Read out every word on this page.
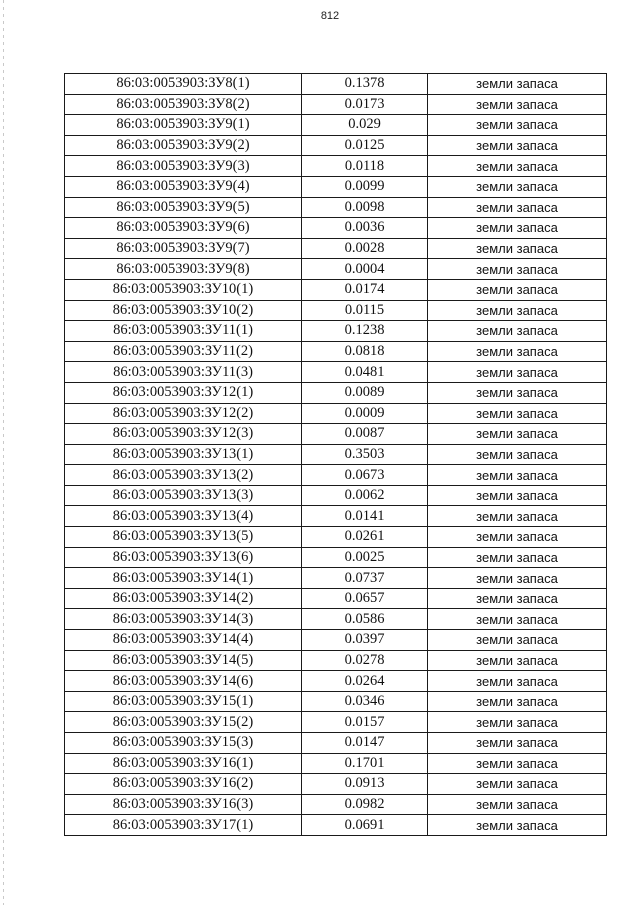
812
86:03:0053903:ЗУ8(1)	0.1378	земли запаса
86:03:0053903:ЗУ8(2)	0.0173	земли запаса
86:03:0053903:ЗУ9(1)	0.029	земли запаса
86:03:0053903:ЗУ9(2)	0.0125	земли запаса
86:03:0053903:ЗУ9(3)	0.0118	земли запаса
86:03:0053903:ЗУ9(4)	0.0099	земли запаса
86:03:0053903:ЗУ9(5)	0.0098	земли запаса
86:03:0053903:ЗУ9(6)	0.0036	земли запаса
86:03:0053903:ЗУ9(7)	0.0028	земли запаса
86:03:0053903:ЗУ9(8)	0.0004	земли запаса
86:03:0053903:ЗУ10(1)	0.0174	земли запаса
86:03:0053903:ЗУ10(2)	0.0115	земли запаса
86:03:0053903:ЗУ11(1)	0.1238	земли запаса
86:03:0053903:ЗУ11(2)	0.0818	земли запаса
86:03:0053903:ЗУ11(3)	0.0481	земли запаса
86:03:0053903:ЗУ12(1)	0.0089	земли запаса
86:03:0053903:ЗУ12(2)	0.0009	земли запаса
86:03:0053903:ЗУ12(3)	0.0087	земли запаса
86:03:0053903:ЗУ13(1)	0.3503	земли запаса
86:03:0053903:ЗУ13(2)	0.0673	земли запаса
86:03:0053903:ЗУ13(3)	0.0062	земли запаса
86:03:0053903:ЗУ13(4)	0.0141	земли запаса
86:03:0053903:ЗУ13(5)	0.0261	земли запаса
86:03:0053903:ЗУ13(6)	0.0025	земли запаса
86:03:0053903:ЗУ14(1)	0.0737	земли запаса
86:03:0053903:ЗУ14(2)	0.0657	земли запаса
86:03:0053903:ЗУ14(3)	0.0586	земли запаса
86:03:0053903:ЗУ14(4)	0.0397	земли запаса
86:03:0053903:ЗУ14(5)	0.0278	земли запаса
86:03:0053903:ЗУ14(6)	0.0264	земли запаса
86:03:0053903:ЗУ15(1)	0.0346	земли запаса
86:03:0053903:ЗУ15(2)	0.0157	земли запаса
86:03:0053903:ЗУ15(3)	0.0147	земли запаса
86:03:0053903:ЗУ16(1)	0.1701	земли запаса
86:03:0053903:ЗУ16(2)	0.0913	земли запаса
86:03:0053903:ЗУ16(3)	0.0982	земли запаса
86:03:0053903:ЗУ17(1)	0.0691	земли запаса
